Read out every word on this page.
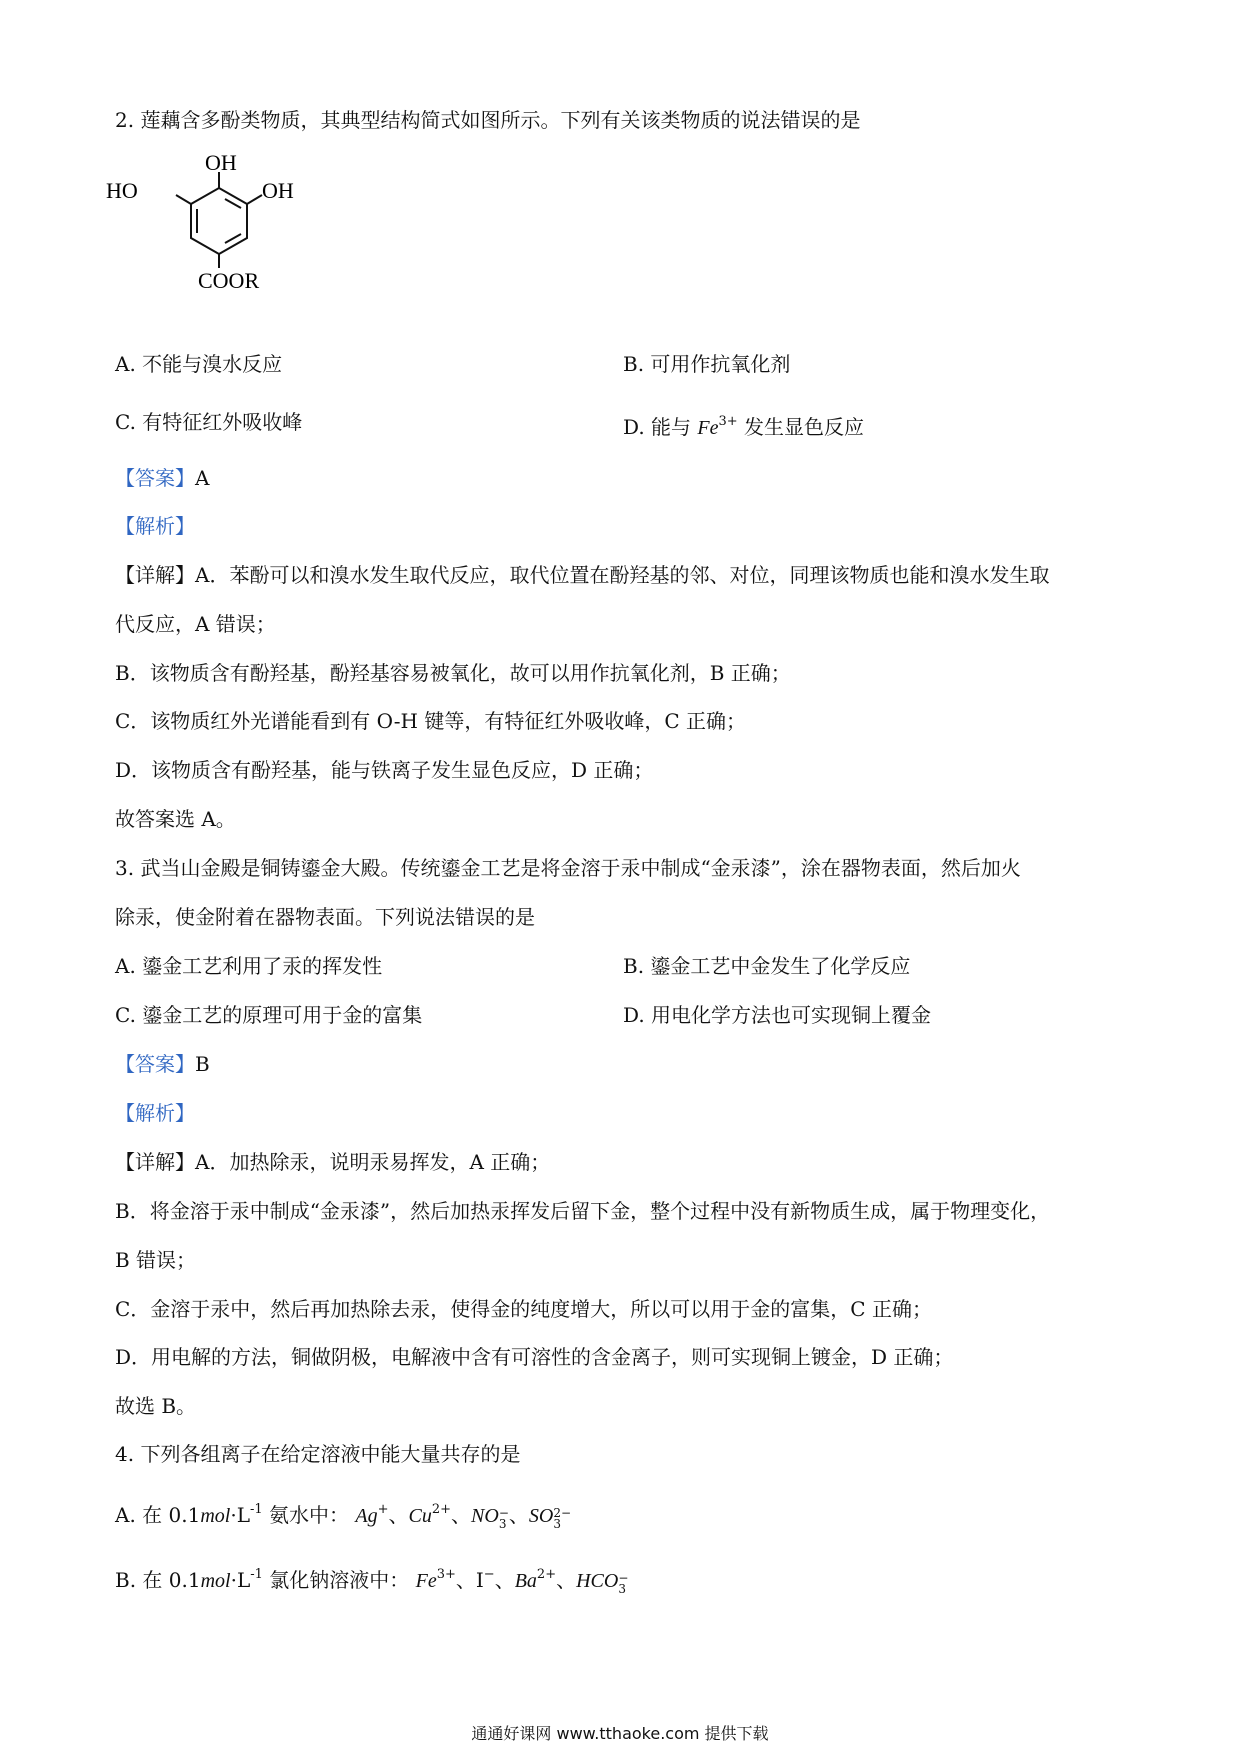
2. 莲藕含多酚类物质，其典型结构简式如图所示。下列有关该类物质的说法错误的是
OH
HO	OH
COOR
A. 不能与溴水反应	B. 可用作抗氧化剂
C. 有特征红外吸收峰	D. 能与 $Fe^{3+}$ 发生显色反应
【答案】A
【解析】
【详解】A．苯酚可以和溴水发生取代反应，取代位置在酚羟基的邻、对位，同理该物质也能和溴水发生取
代反应，A 错误；
B．该物质含有酚羟基，酚羟基容易被氧化，故可以用作抗氧化剂，B 正确；
C．该物质红外光谱能看到有 O-H 键等，有特征红外吸收峰，C 正确；
D．该物质含有酚羟基，能与铁离子发生显色反应，D 正确；
故答案选 A。
3. 武当山金殿是铜铸鎏金大殿。传统鎏金工艺是将金溶于汞中制成“金汞漆”，涂在器物表面，然后加火
除汞，使金附着在器物表面。下列说法错误的是
A. 鎏金工艺利用了汞的挥发性	B. 鎏金工艺中金发生了化学反应
C. 鎏金工艺的原理可用于金的富集	D. 用电化学方法也可实现铜上覆金
【答案】B
【解析】
【详解】A．加热除汞，说明汞易挥发，A 正确；
B．将金溶于汞中制成“金汞漆”，然后加热汞挥发后留下金，整个过程中没有新物质生成，属于物理变化，
B 错误；
C．金溶于汞中，然后再加热除去汞，使得金的纯度增大，所以可以用于金的富集，C 正确；
D．用电解的方法，铜做阴极，电解液中含有可溶性的含金离子，则可实现铜上镀金，D 正确；
故选 B。
4. 下列各组离子在给定溶液中能大量共存的是
A. 在 $0.1mol\cdot L^{-1}$ 氨水中： Ag+、$Cu^{2+}$、NO−
3 、SO2−
3
B. 在 $0.1mol\cdot L^{-1}$ 氯化钠溶液中： $Fe^{3+}$、I−、$Ba^{2+}$、HCO−
3
通通好课网 www.tthaoke.com 提供下载
